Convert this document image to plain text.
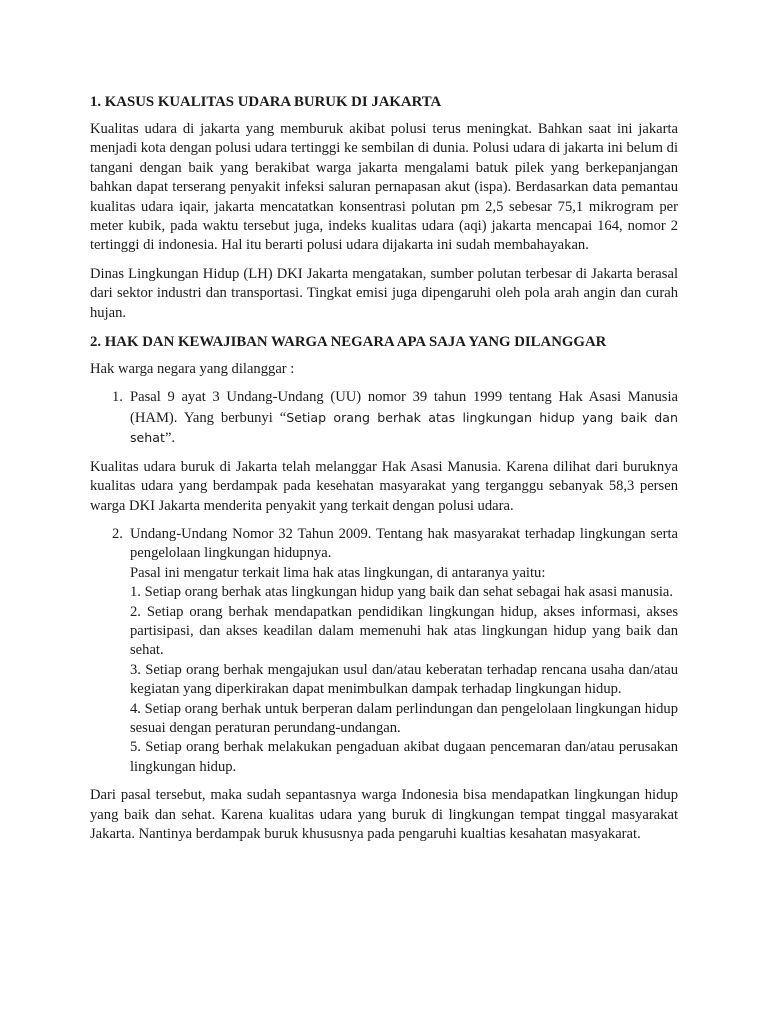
1. KASUS KUALITAS UDARA BURUK DI JAKARTA

Kualitas udara di jakarta yang memburuk akibat polusi terus meningkat. Bahkan saat ini jakarta menjadi kota dengan polusi udara tertinggi ke sembilan di dunia. Polusi udara di jakarta ini belum di tangani dengan baik yang berakibat warga jakarta mengalami batuk pilek yang berkepanjangan bahkan dapat terserang penyakit infeksi saluran pernapasan akut (ispa). Berdasarkan data pemantau kualitas udara iqair, jakarta mencatatkan konsentrasi polutan pm 2,5 sebesar 75,1 mikrogram per meter kubik, pada waktu tersebut juga, indeks kualitas udara (aqi) jakarta mencapai 164, nomor 2 tertinggi di indonesia. Hal itu berarti polusi udara dijakarta ini sudah membahayakan.

Dinas Lingkungan Hidup (LH) DKI Jakarta mengatakan, sumber polutan terbesar di Jakarta berasal dari sektor industri dan transportasi. Tingkat emisi juga dipengaruhi oleh pola arah angin dan curah hujan.

2. HAK DAN KEWAJIBAN WARGA NEGARA APA SAJA YANG DILANGGAR

Hak warga negara yang dilanggar :

1. Pasal 9 ayat 3 Undang-Undang (UU) nomor 39 tahun 1999 tentang Hak Asasi Manusia (HAM). Yang berbunyi “Setiap orang berhak atas lingkungan hidup yang baik dan sehat”.

Kualitas udara buruk di Jakarta telah melanggar Hak Asasi Manusia. Karena dilihat dari buruknya kualitas udara yang berdampak pada kesehatan masyarakat yang terganggu sebanyak 58,3 persen warga DKI Jakarta menderita penyakit yang terkait dengan polusi udara.

2. Undang-Undang Nomor 32 Tahun 2009. Tentang hak masyarakat terhadap lingkungan serta pengelolaan lingkungan hidupnya.

Pasal ini mengatur terkait lima hak atas lingkungan, di antaranya yaitu:

1. Setiap orang berhak atas lingkungan hidup yang baik dan sehat sebagai hak asasi manusia.

2. Setiap orang berhak mendapatkan pendidikan lingkungan hidup, akses informasi, akses partisipasi, dan akses keadilan dalam memenuhi hak atas lingkungan hidup yang baik dan sehat.

3. Setiap orang berhak mengajukan usul dan/atau keberatan terhadap rencana usaha dan/atau kegiatan yang diperkirakan dapat menimbulkan dampak terhadap lingkungan hidup.

4. Setiap orang berhak untuk berperan dalam perlindungan dan pengelolaan lingkungan hidup sesuai dengan peraturan perundang-undangan.

5. Setiap orang berhak melakukan pengaduan akibat dugaan pencemaran dan/atau perusakan lingkungan hidup.

Dari pasal tersebut, maka sudah sepantasnya warga Indonesia bisa mendapatkan lingkungan hidup yang baik dan sehat. Karena kualitas udara yang buruk di lingkungan tempat tinggal masyarakat Jakarta. Nantinya berdampak buruk khususnya pada pengaruhi kualtias kesahatan masyakarat.
